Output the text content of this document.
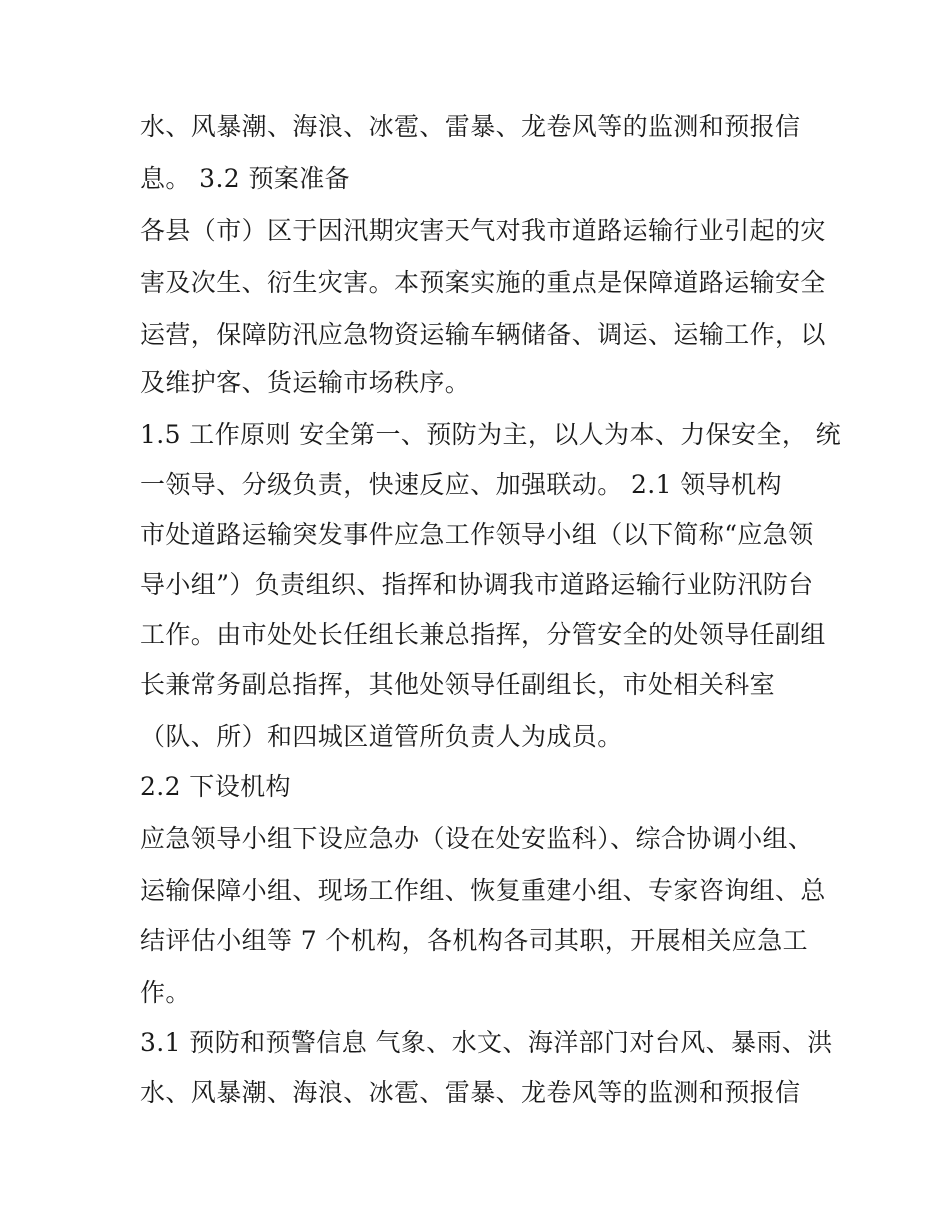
水、风暴潮、海浪、冰雹、雷暴、龙卷风等的监测和预报信
息。 3.2 预案准备
各县（市）区于因汛期灾害天气对我市道路运输行业引起的灾
害及次生、衍生灾害。本预案实施的重点是保障道路运输安全
运营，保障防汛应急物资运输车辆储备、调运、运输工作，以
及维护客、货运输市场秩序。
1.5 工作原则 安全第一、预防为主，以人为本、力保安全， 统
一领导、分级负责，快速反应、加强联动。 2.1 领导机构
市处道路运输突发事件应急工作领导小组（以下简称“应急领
导小组”）负责组织、指挥和协调我市道路运输行业防汛防台
工作。由市处处长任组长兼总指挥，分管安全的处领导任副组
长兼常务副总指挥，其他处领导任副组长，市处相关科室
（队、所）和四城区道管所负责人为成员。
2.2 下设机构
应急领导小组下设应急办（设在处安监科）、综合协调小组、
运输保障小组、现场工作组、恢复重建小组、专家咨询组、总
结评估小组等 7 个机构，各机构各司其职，开展相关应急工
作。
3.1 预防和预警信息 气象、水文、海洋部门对台风、暴雨、洪
水、风暴潮、海浪、冰雹、雷暴、龙卷风等的监测和预报信
